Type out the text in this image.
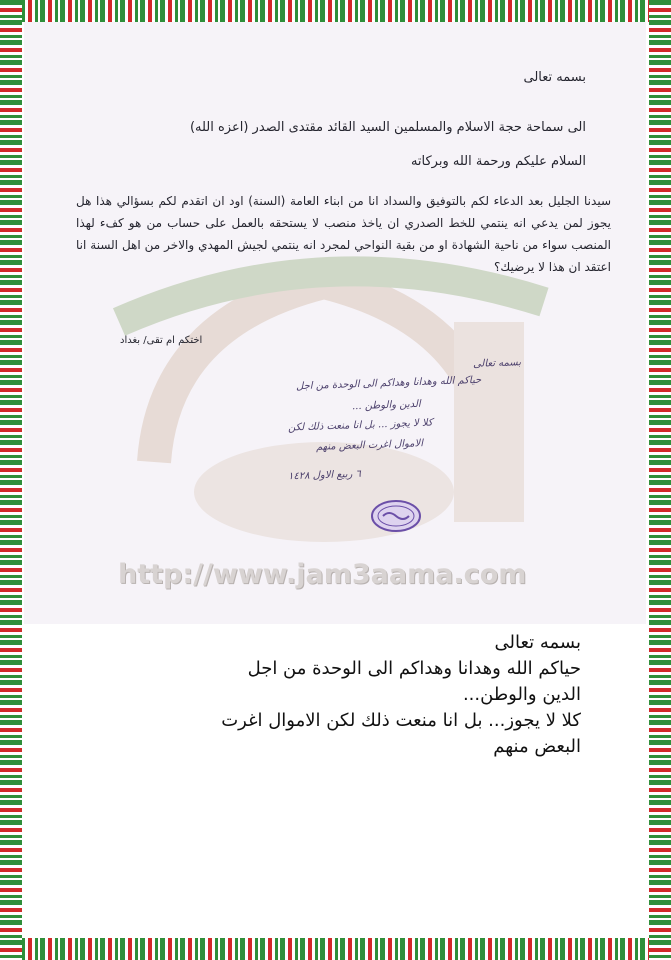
بسمه تعالى
الى سماحة حجة الاسلام والمسلمين السيد القائد مقتدى الصدر (اعزه الله)
السلام عليكم ورحمة الله وبركاته
سيدنا الجليل بعد الدعاء لكم بالتوفيق والسداد انا من ابناء العامة (السنة) اود ان اتقدم لكم بسؤالي هذا هل يجوز لمن يدعي انه ينتمي للخط الصدري ان ياخذ منصب لا يستحقه بالعمل على حساب من هو كفء لهذا المنصب سواء من ناحية الشهادة او من بقية النواحي لمجرد انه ينتمي لجيش المهدي والاخر من اهل السنة انا اعتقد ان هذا لا يرضيك؟
اختكم ام تقى/ بغداد
بسمه تعالى
حياكم الله وهدانا وهداكم الى الوحدة من اجل
الدين والوطن ...
كلا لا يجوز ... بل انا منعت ذلك لكن
الاموال اغرت البعض منهم
٦ ربيع الاول ١٤٢٨
http://www.jam3aama.com
بسمه تعالى
حياكم الله وهدانا وهداكم الى الوحدة من اجل
الدين والوطن...
كلا لا يجوز... بل انا منعت ذلك لكن الاموال اغرت
البعض منهم
